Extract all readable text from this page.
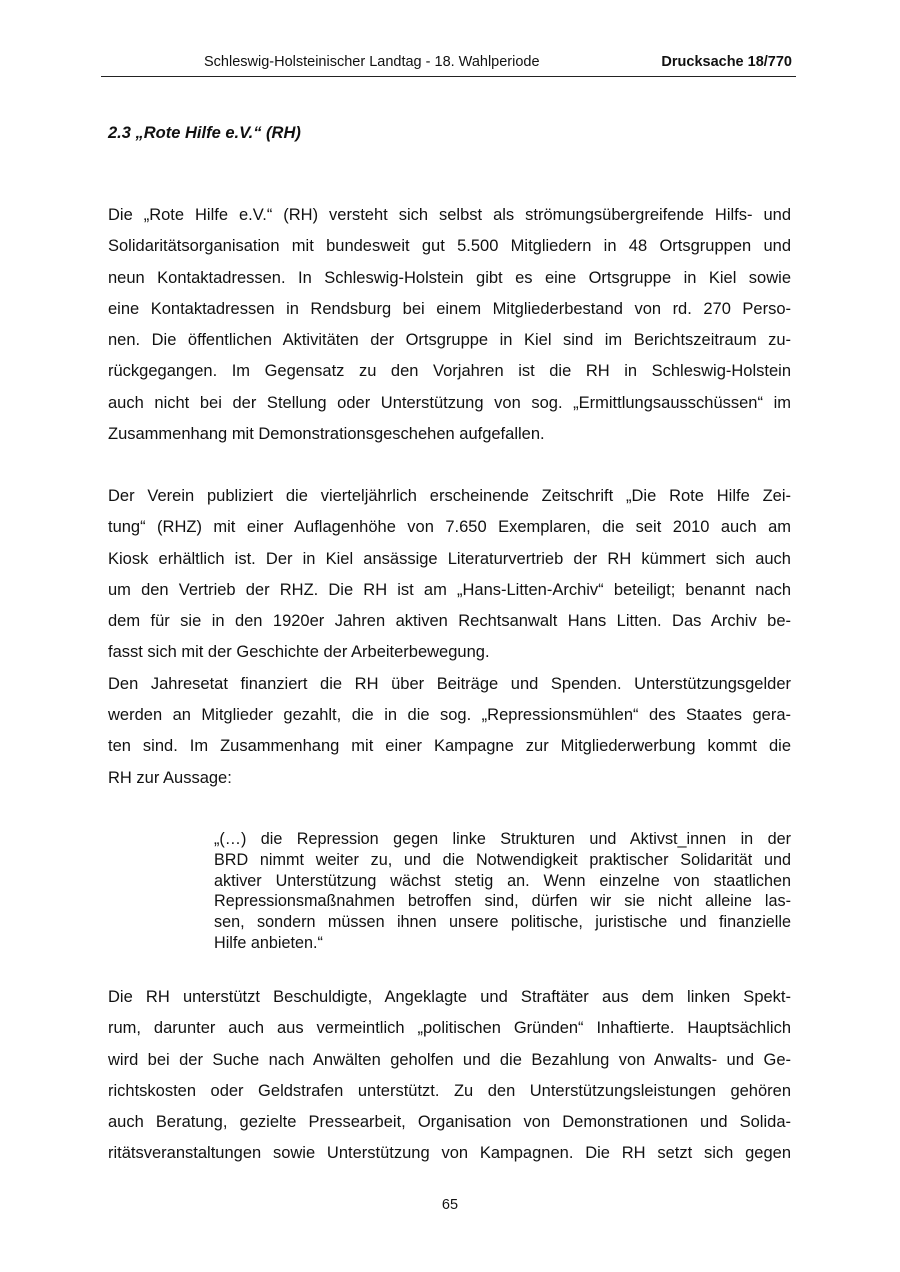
Schleswig-Holsteinischer Landtag - 18. Wahlperiode	Drucksache 18/770
2.3 „Rote Hilfe e.V.“ (RH)
Die „Rote Hilfe e.V.“ (RH) versteht sich selbst als strömungsübergreifende Hilfs- und
Solidaritätsorganisation mit bundesweit gut 5.500 Mitgliedern in 48 Ortsgruppen und
neun Kontaktadressen. In Schleswig-Holstein gibt es eine Ortsgruppe in Kiel sowie
eine Kontaktadressen in Rendsburg bei einem Mitgliederbestand von rd. 270 Perso-
nen. Die öffentlichen Aktivitäten der Ortsgruppe in Kiel sind im Berichtszeitraum zu-
rückgegangen. Im Gegensatz zu den Vorjahren ist die RH in Schleswig-Holstein
auch nicht bei der Stellung oder Unterstützung von sog. „Ermittlungsausschüssen“ im
Zusammenhang mit Demonstrationsgeschehen aufgefallen.
Der Verein publiziert die vierteljährlich erscheinende Zeitschrift „Die Rote Hilfe Zei-
tung“ (RHZ) mit einer Auflagenhöhe von 7.650 Exemplaren, die seit 2010 auch am
Kiosk erhältlich ist. Der in Kiel ansässige Literaturvertrieb der RH kümmert sich auch
um den Vertrieb der RHZ. Die RH ist am „Hans-Litten-Archiv“ beteiligt; benannt nach
dem für sie in den 1920er Jahren aktiven Rechtsanwalt Hans Litten. Das Archiv be-
fasst sich mit der Geschichte der Arbeiterbewegung.
Den Jahresetat finanziert die RH über Beiträge und Spenden. Unterstützungsgelder
werden an Mitglieder gezahlt, die in die sog. „Repressionsmühlen“ des Staates gera-
ten sind. Im Zusammenhang mit einer Kampagne zur Mitgliederwerbung kommt die
RH zur Aussage:
„(…) die Repression gegen linke Strukturen und Aktivst_innen in der
BRD nimmt weiter zu, und die Notwendigkeit praktischer Solidarität und
aktiver Unterstützung wächst stetig an. Wenn einzelne von staatlichen
Repressionsmaßnahmen betroffen sind, dürfen wir sie nicht alleine las-
sen, sondern müssen ihnen unsere politische, juristische und finanzielle
Hilfe anbieten.“
Die RH unterstützt Beschuldigte, Angeklagte und Straftäter aus dem linken Spekt-
rum, darunter auch aus vermeintlich „politischen Gründen“ Inhaftierte. Hauptsächlich
wird bei der Suche nach Anwälten geholfen und die Bezahlung von Anwalts- und Ge-
richtskosten oder Geldstrafen unterstützt. Zu den Unterstützungsleistungen gehören
auch Beratung, gezielte Pressearbeit, Organisation von Demonstrationen und Solida-
ritätsveranstaltungen sowie Unterstützung von Kampagnen. Die RH setzt sich gegen
65
